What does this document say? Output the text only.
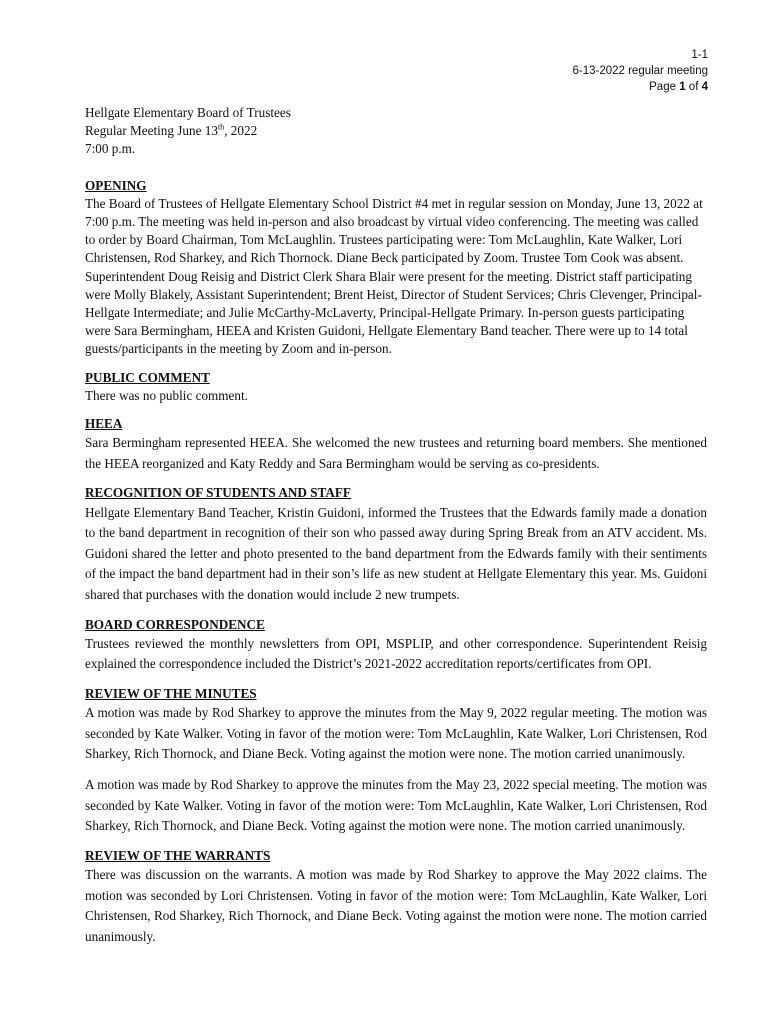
1-1
6-13-2022 regular meeting
Page 1 of 4
Hellgate Elementary Board of Trustees
Regular Meeting June 13th, 2022
7:00 p.m.
OPENING

The Board of Trustees of Hellgate Elementary School District #4 met in regular session on Monday, June 13, 2022 at 7:00 p.m. The meeting was held in-person and also broadcast by virtual video conferencing. The meeting was called to order by Board Chairman, Tom McLaughlin. Trustees participating were: Tom McLaughlin, Kate Walker, Lori Christensen, Rod Sharkey, and Rich Thornock. Diane Beck participated by Zoom. Trustee Tom Cook was absent. Superintendent Doug Reisig and District Clerk Shara Blair were present for the meeting. District staff participating were Molly Blakely, Assistant Superintendent; Brent Heist, Director of Student Services; Chris Clevenger, Principal-Hellgate Intermediate; and Julie McCarthy-McLaverty, Principal-Hellgate Primary. In-person guests participating were Sara Bermingham, HEEA and Kristen Guidoni, Hellgate Elementary Band teacher. There were up to 14 total guests/participants in the meeting by Zoom and in-person.

PUBLIC COMMENT

There was no public comment.

HEEA

Sara Bermingham represented HEEA. She welcomed the new trustees and returning board members. She mentioned the HEEA reorganized and Katy Reddy and Sara Bermingham would be serving as co-presidents.

RECOGNITION OF STUDENTS AND STAFF

Hellgate Elementary Band Teacher, Kristin Guidoni, informed the Trustees that the Edwards family made a donation to the band department in recognition of their son who passed away during Spring Break from an ATV accident. Ms. Guidoni shared the letter and photo presented to the band department from the Edwards family with their sentiments of the impact the band department had in their son’s life as new student at Hellgate Elementary this year. Ms. Guidoni shared that purchases with the donation would include 2 new trumpets.

BOARD CORRESPONDENCE

Trustees reviewed the monthly newsletters from OPI, MSPLIP, and other correspondence. Superintendent Reisig explained the correspondence included the District’s 2021-2022 accreditation reports/certificates from OPI.

REVIEW OF THE MINUTES

A motion was made by Rod Sharkey to approve the minutes from the May 9, 2022 regular meeting. The motion was seconded by Kate Walker. Voting in favor of the motion were: Tom McLaughlin, Kate Walker, Lori Christensen, Rod Sharkey, Rich Thornock, and Diane Beck. Voting against the motion were none. The motion carried unanimously.

A motion was made by Rod Sharkey to approve the minutes from the May 23, 2022 special meeting. The motion was seconded by Kate Walker. Voting in favor of the motion were: Tom McLaughlin, Kate Walker, Lori Christensen, Rod Sharkey, Rich Thornock, and Diane Beck. Voting against the motion were none. The motion carried unanimously.

REVIEW OF THE WARRANTS

There was discussion on the warrants. A motion was made by Rod Sharkey to approve the May 2022 claims. The motion was seconded by Lori Christensen. Voting in favor of the motion were: Tom McLaughlin, Kate Walker, Lori Christensen, Rod Sharkey, Rich Thornock, and Diane Beck. Voting against the motion were none. The motion carried unanimously.
